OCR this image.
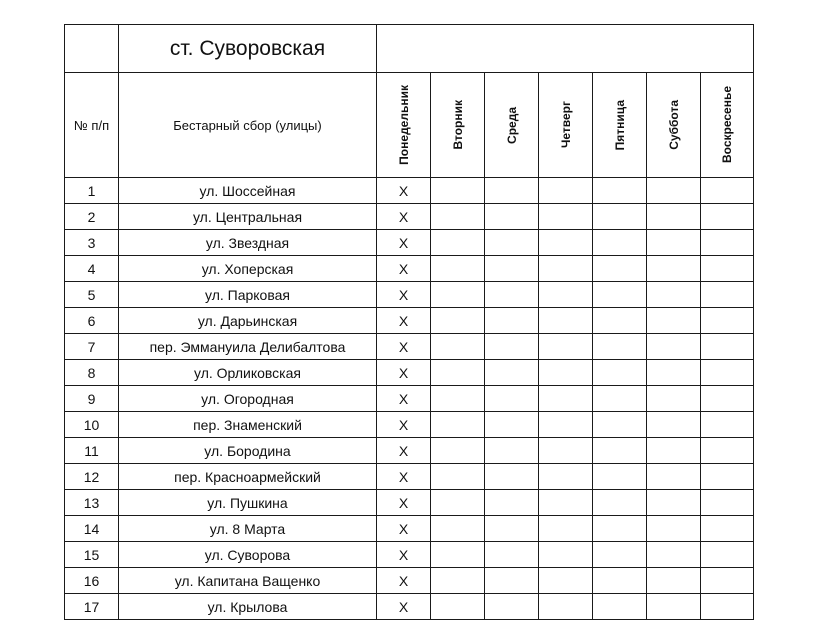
	ст. Суворовская							
№ п/п	Бестарный сбор (улицы)	Понедельник	Вторник	Среда	Четверг	Пятница	Суббота	Воскресенье

1	ул. Шоссейная	Х						
2	ул. Центральная	Х						
3	ул. Звездная	Х						
4	ул. Хоперская	Х						
5	ул. Парковая	Х						
6	ул. Дарьинская	Х						
7	пер. Эммануила Делибалтова	Х						
8	ул. Орликовская	Х						
9	ул. Огородная	Х						
10	пер. Знаменский	Х						
11	ул. Бородина	Х						
12	пер. Красноармейский	Х						
13	ул. Пушкина	Х						
14	ул. 8 Марта	Х						
15	ул. Суворова	Х						
16	ул. Капитана Ващенко	Х						
17	ул. Крылова	Х						
